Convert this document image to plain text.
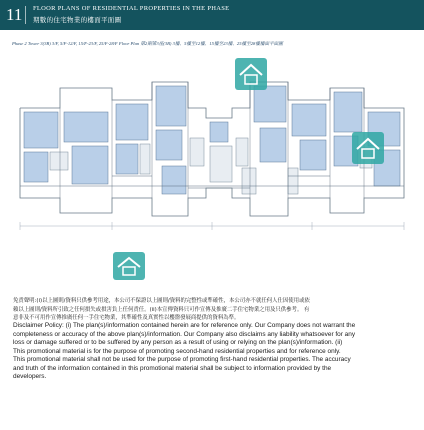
11 FLOOR PLANS OF RESIDENTIAL PROPERTIES IN THE PHASE
期數的住宅物業的樓面平面圖
Phase 2 Tower 3(3B) 3/F, 5/F-12/F, 15/F-23/F, 25/F-28/F Floor Plan 第2期第3座(3B) 3樓、5樓至12樓、15樓至23樓、25樓至28樓樓面平面圖
免責聲明:(i)以上圖則/資料只供參考用途，本公司不保證以上圖則/資料的完整性或準確性，本公司亦不就任何人仕因使用或依
賴以上圖則/資料所引致之任何損失或損害負上任何責任。(ii)本宣傳資料只可作宣傳及推廣二手住宅物業之用及只供參考。 有
意非及不可用作宣傳推廣任何一手住宅物業，其準確性及真實性以樓盤發展商提供的資料為準。

Disclaimer Policy: (i) The plan(s)/information contained herein are for reference only. Our Company does not warrant the

completeness or accuracy of the above plan(s)/information. Our Company also disclaims any liability whatsoever for any

loss or damage suffered or to be suffered by any person as a result of using or relying on the plan(s)/information. (ii)

This promotional material is for the purpose of promoting second-hand residential properties and for reference only.

This promotional material shall not be used for the purpose of promoting first-hand residential properties. The accuracy

and truth of the information contained in this promotional material shall be subject to information provided by the

developers.
